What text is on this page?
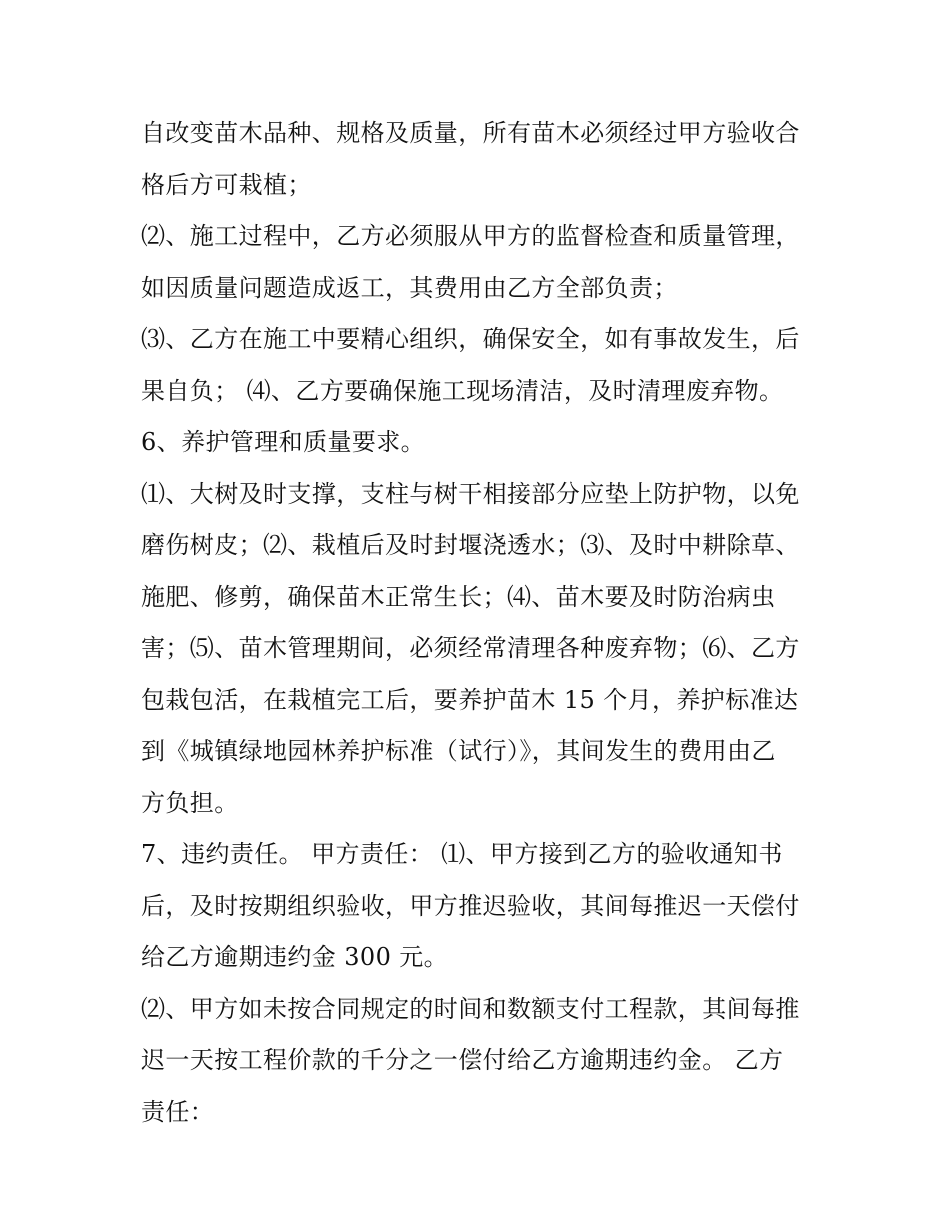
自改变苗木品种、规格及质量，所有苗木必须经过甲方验收合
格后方可栽植；
⑵、施工过程中，乙方必须服从甲方的监督检查和质量管理，
如因质量问题造成返工，其费用由乙方全部负责；
⑶、乙方在施工中要精心组织，确保安全，如有事故发生，后
果自负； ⑷、乙方要确保施工现场清洁，及时清理废弃物。
6、养护管理和质量要求。
⑴、大树及时支撑，支柱与树干相接部分应垫上防护物，以免
磨伤树皮；⑵、栽植后及时封堰浇透水；⑶、及时中耕除草、
施肥、修剪，确保苗木正常生长；⑷、苗木要及时防治病虫
害；⑸、苗木管理期间，必须经常清理各种废弃物；⑹、乙方
包栽包活，在栽植完工后，要养护苗木 15 个月，养护标准达
到《城镇绿地园林养护标准（试行）》，其间发生的费用由乙
方负担。
7、违约责任。 甲方责任： ⑴、甲方接到乙方的验收通知书
后，及时按期组织验收，甲方推迟验收，其间每推迟一天偿付
给乙方逾期违约金 300 元。
⑵、甲方如未按合同规定的时间和数额支付工程款，其间每推
迟一天按工程价款的千分之一偿付给乙方逾期违约金。 乙方
责任：
